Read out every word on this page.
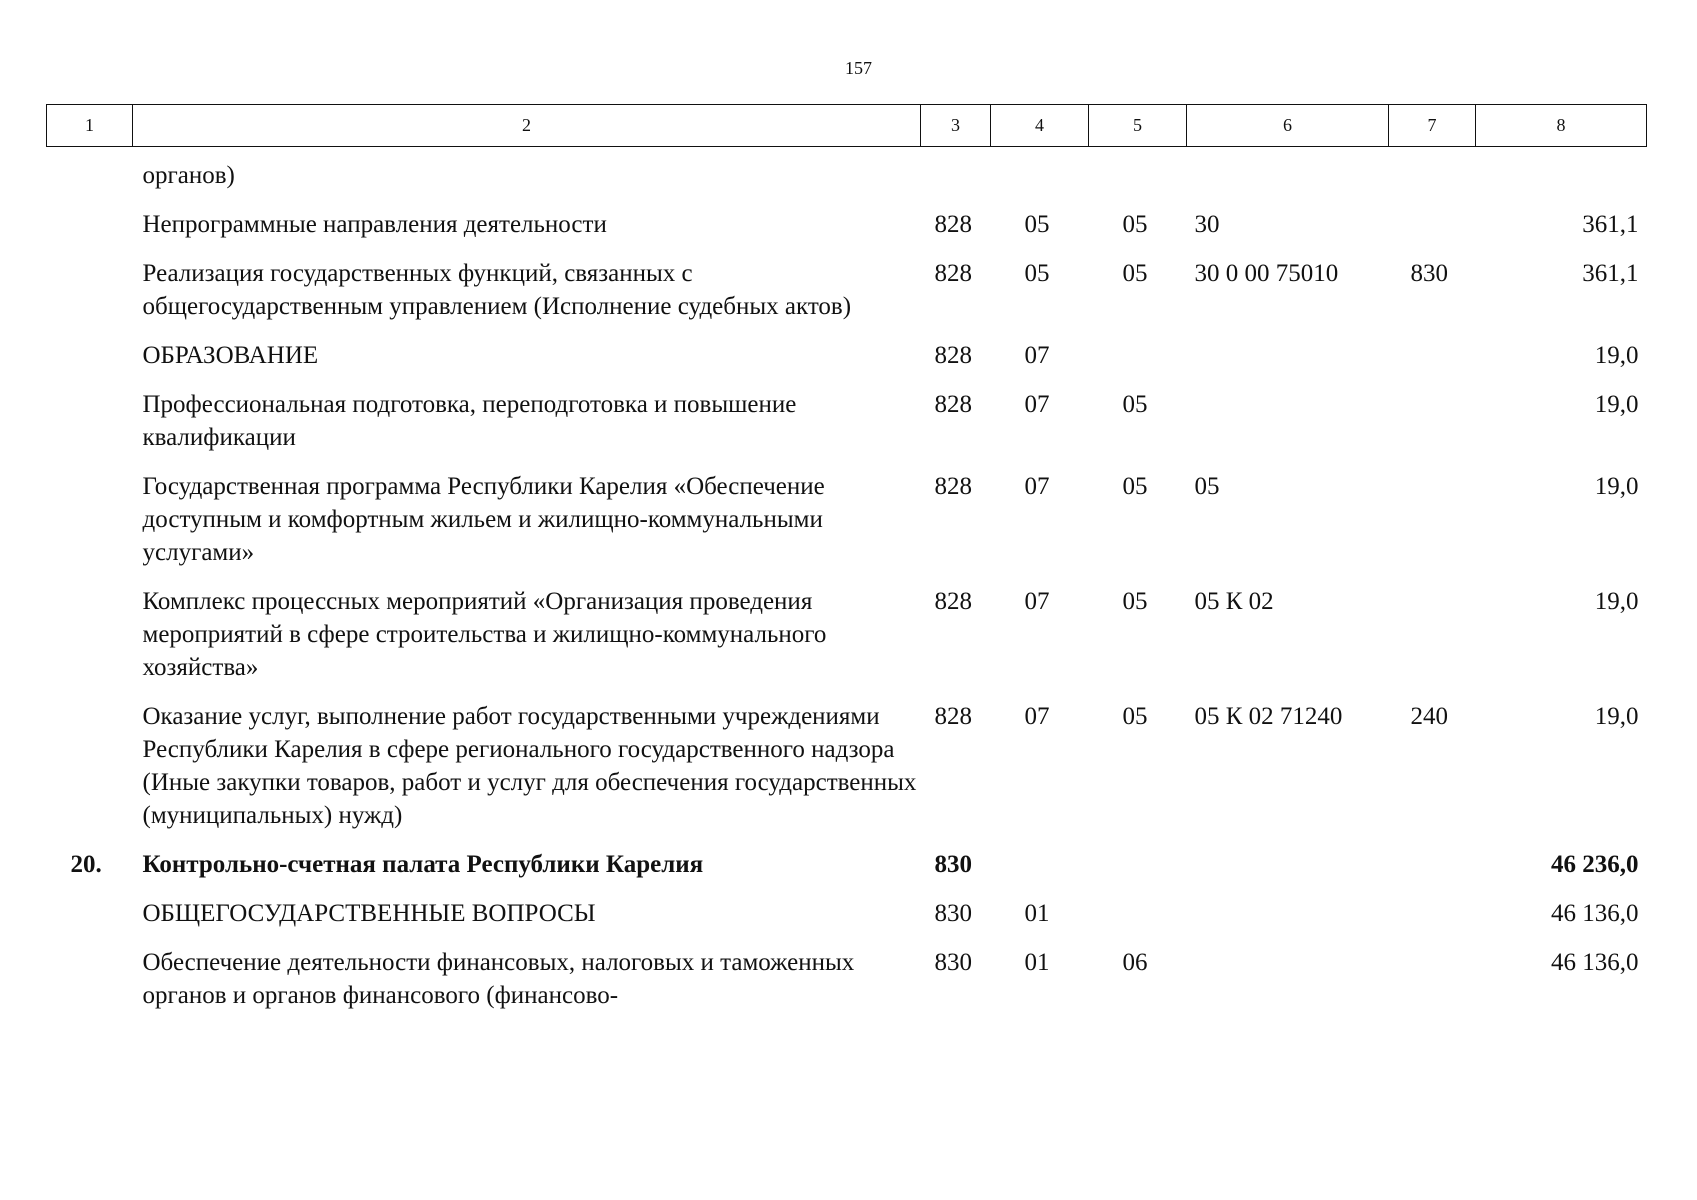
157
1	2	3	4	5	6	7	8
	органов)						
	Непрограммные направления деятельности	828	05	05	30		361,1
	Реализация государственных функций, связанных с общегосударственным управлением (Исполнение судебных актов)	828	05	05	30 0 00 75010	830	361,1
	ОБРАЗОВАНИЕ	828	07				19,0
	Профессиональная подготовка, переподготовка и повышение квалификации	828	07	05			19,0
	Государственная программа Республики Карелия «Обеспечение доступным и комфортным жильем и жилищно-коммунальными услугами»	828	07	05	05		19,0
	Комплекс процессных мероприятий «Организация проведения мероприятий в сфере строительства и жилищно-коммунального хозяйства»	828	07	05	05 К 02		19,0
	Оказание услуг, выполнение работ государственными учреждениями Республики Карелия в сфере регионального государственного надзора (Иные закупки товаров, работ и услуг для обеспечения государственных (муниципальных) нужд)	828	07	05	05 К 02 71240	240	19,0
20.	Контрольно-счетная палата Республики Карелия	830					46 236,0
	ОБЩЕГОСУДАРСТВЕННЫЕ ВОПРОСЫ	830	01				46 136,0
	Обеспечение деятельности финансовых, налоговых и таможенных органов и органов финансового (финансово-	830	01	06			46 136,0
